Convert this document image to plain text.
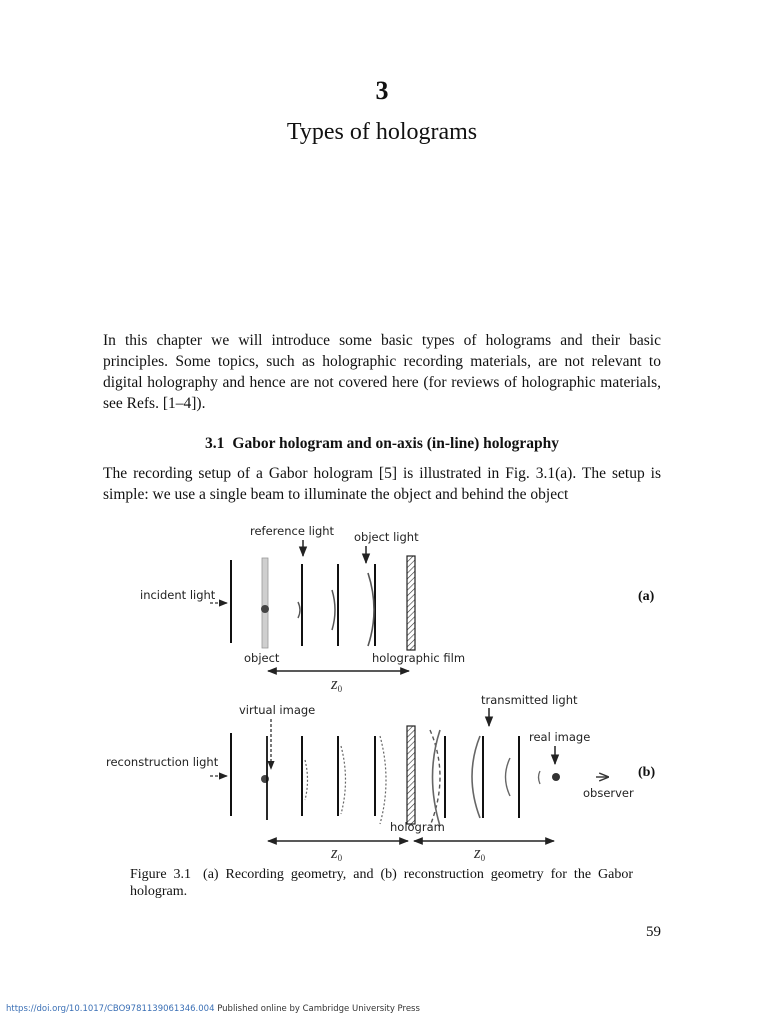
3
Types of holograms

In this chapter we will introduce some basic types of holograms and their basic principles. Some topics, such as holographic recording materials, are not relevant to digital holography and hence are not covered here (for reviews of holographic materials, see Refs. [1–4]).

3.1 Gabor hologram and on-axis (in-line) holography

The recording setup of a Gabor hologram [5] is illustrated in Fig. 3.1(a). The setup is simple: we use a single beam to illuminate the object and behind the object

reference light object light
incident light
object	holographic film
z0
(a)
transmitted light
virtual image
real image
reconstruction light
(b)
observer
hologram
z0	z0

Figure 3.1 (a) Recording geometry, and (b) reconstruction geometry for the Gabor hologram.

59
https://doi.org/10.1017/CBO9781139061346.004 Published online by Cambridge University Press
